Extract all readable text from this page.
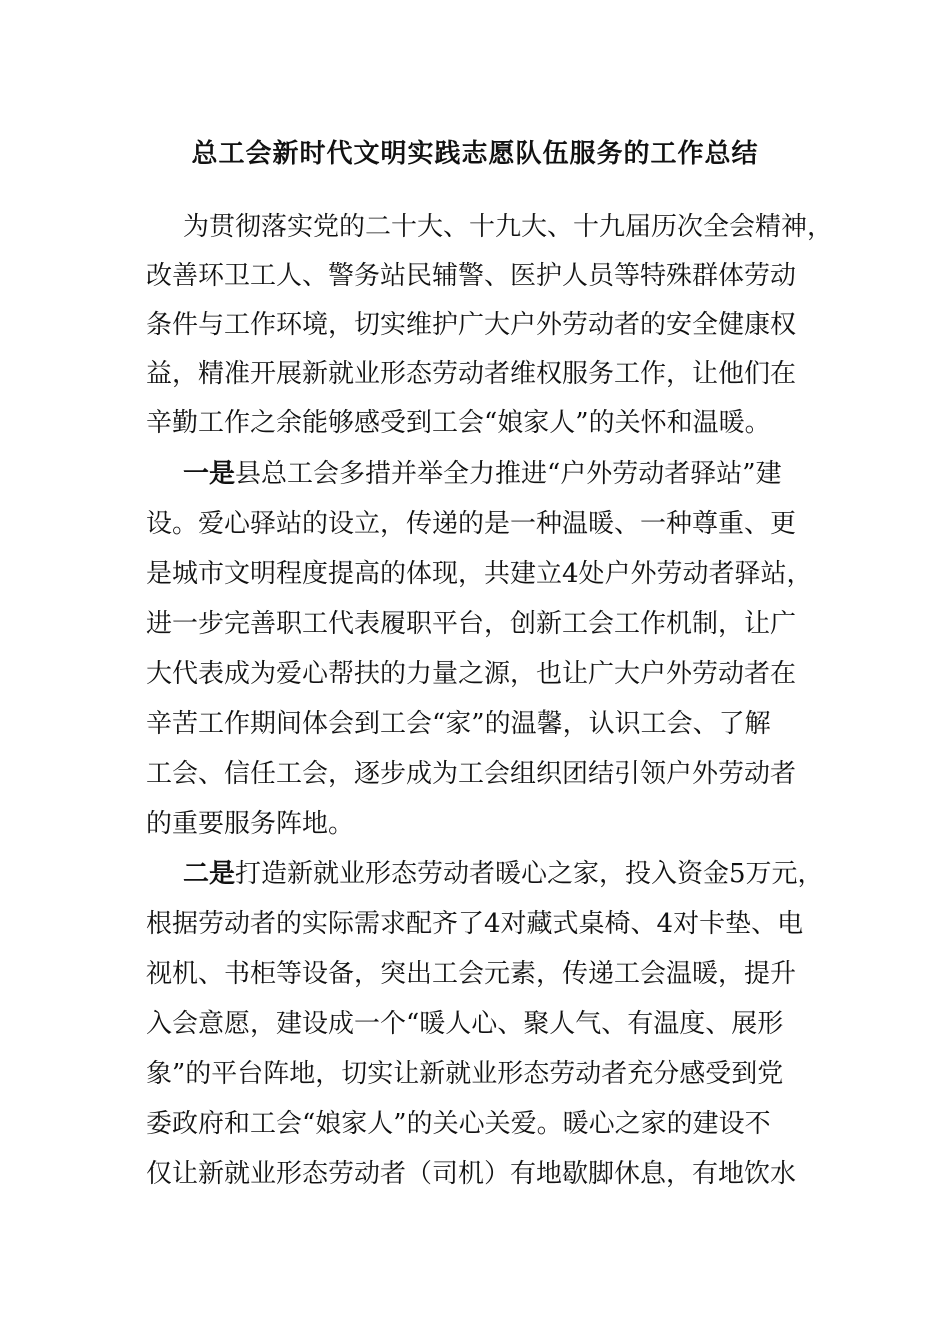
总工会新时代文明实践志愿队伍服务的工作总结
为贯彻落实党的二十大、十九大、十九届历次全会精神，
改善环卫工人、警务站民辅警、医护人员等特殊群体劳动
条件与工作环境，切实维护广大户外劳动者的安全健康权
益，精准开展新就业形态劳动者维权服务工作，让他们在
辛勤工作之余能够感受到工会“娘家人”的关怀和温暖。
一是县总工会多措并举全力推进“户外劳动者驿站”建
设。爱心驿站的设立，传递的是一种温暖、一种尊重、更
是城市文明程度提高的体现，共建立4处户外劳动者驿站，
进一步完善职工代表履职平台，创新工会工作机制，让广
大代表成为爱心帮扶的力量之源，也让广大户外劳动者在
辛苦工作期间体会到工会“家”的温馨，认识工会、了解
工会、信任工会，逐步成为工会组织团结引领户外劳动者
的重要服务阵地。
二是打造新就业形态劳动者暖心之家，投入资金5万元，
根据劳动者的实际需求配齐了4对藏式桌椅、4对卡垫、电
视机、书柜等设备，突出工会元素，传递工会温暖，提升
入会意愿，建设成一个“暖人心、聚人气、有温度、展形
象”的平台阵地，切实让新就业形态劳动者充分感受到党
委政府和工会“娘家人”的关心关爱。暖心之家的建设不
仅让新就业形态劳动者（司机）有地歇脚休息，有地饮水
